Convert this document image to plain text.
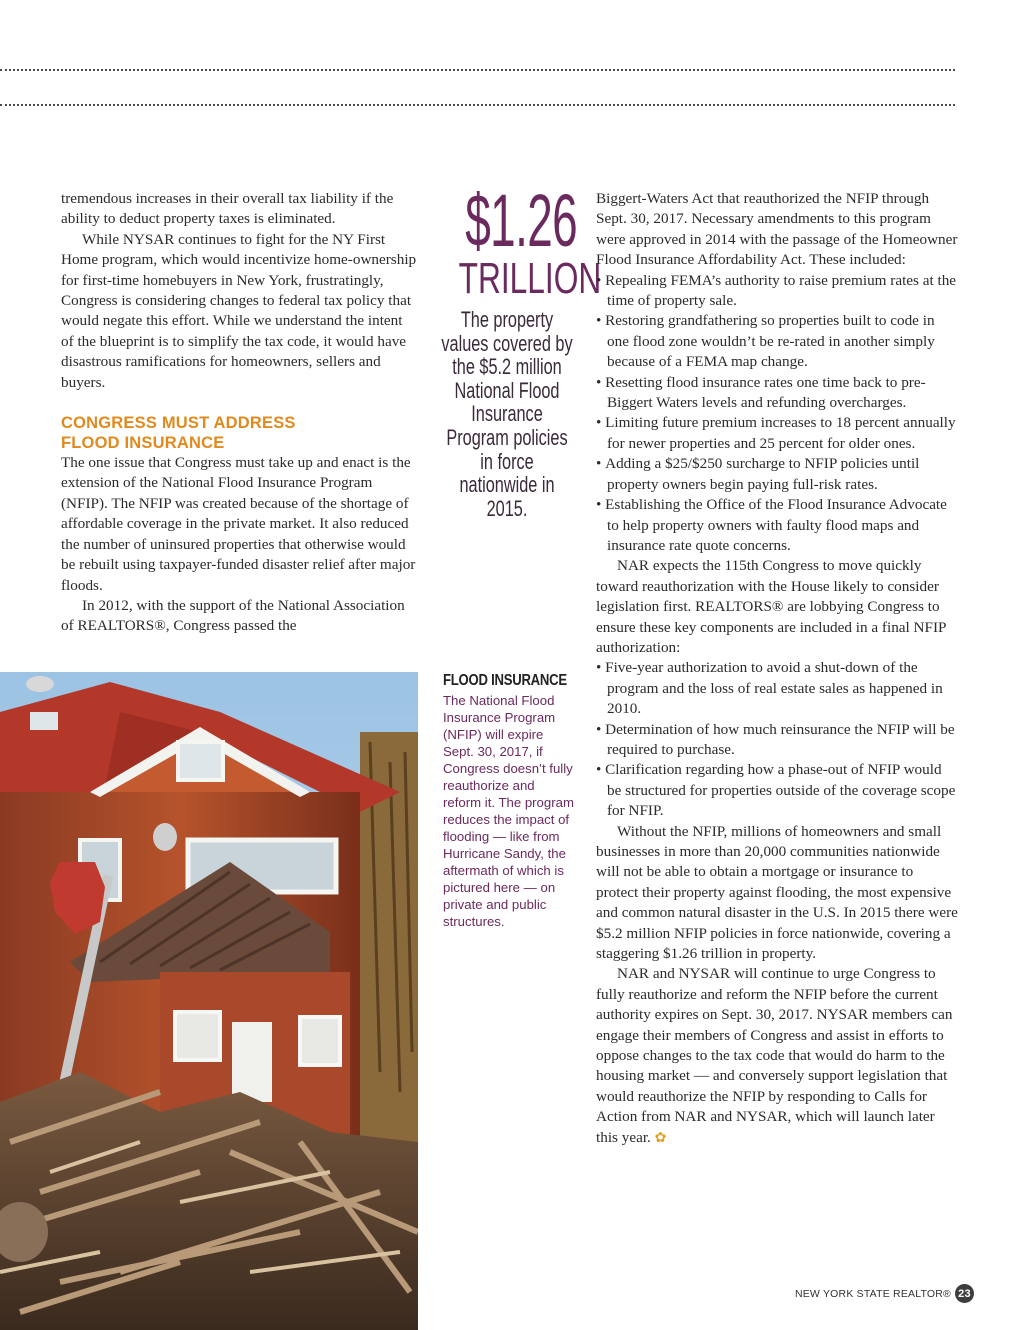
tremendous increases in their overall tax liability if the ability to deduct property taxes is eliminated.

While NYSAR continues to fight for the NY First Home program, which would incentivize home-ownership for first-time homebuyers in New York, frustratingly, Congress is considering changes to federal tax policy that would negate this effort. While we understand the intent of the blueprint is to simplify the tax code, it would have disastrous ramifications for homeowners, sellers and buyers.

CONGRESS MUST ADDRESS
FLOOD INSURANCE

The one issue that Congress must take up and enact is the extension of the National Flood Insurance Program (NFIP). The NFIP was created because of the shortage of affordable coverage in the private market. It also reduced the number of uninsured properties that otherwise would be rebuilt using taxpayer-funded disaster relief after major floods.

In 2012, with the support of the National Association of REALTORS®, Congress passed the

$1.26
TRILLION
The property values covered by the $5.2 million National Flood Insurance Program policies in force nationwide in 2015.

Biggert-Waters Act that reauthorized the NFIP through Sept. 30, 2017. Necessary amendments to this program were approved in 2014 with the passage of the Homeowner Flood Insurance Affordability Act. These included:

• Repealing FEMA’s authority to raise premium rates at the time of property sale.
• Restoring grandfathering so properties built to code in one flood zone wouldn’t be re-rated in another simply because of a FEMA map change.
• Resetting flood insurance rates one time back to pre-Biggert Waters levels and refunding overcharges.
• Limiting future premium increases to 18 percent annually for newer properties and 25 percent for older ones.
• Adding a $25/$250 surcharge to NFIP policies until property owners begin paying full-risk rates.
• Establishing the Office of the Flood Insurance Advocate to help property owners with faulty flood maps and insurance rate quote concerns.

NAR expects the 115th Congress to move quickly toward reauthorization with the House likely to consider legislation first. REALTORS® are lobbying Congress to ensure these key components are included in a final NFIP authorization:

• Five-year authorization to avoid a shut-down of the program and the loss of real estate sales as happened in 2010.
• Determination of how much reinsurance the NFIP will be required to purchase.
• Clarification regarding how a phase-out of NFIP would be structured for properties outside of the coverage scope for NFIP.

Without the NFIP, millions of homeowners and small businesses in more than 20,000 communities nationwide will not be able to obtain a mortgage or insurance to protect their property against flooding, the most expensive and common natural disaster in the U.S. In 2015 there were $5.2 million NFIP policies in force nationwide, covering a staggering $1.26 trillion in property.

NAR and NYSAR will continue to urge Congress to fully reauthorize and reform the NFIP before the current authority expires on Sept. 30, 2017. NYSAR members can engage their members of Congress and assist in efforts to oppose changes to the tax code that would do harm to the housing market — and conversely support legislation that would reauthorize the NFIP by responding to Calls for Action from NAR and NYSAR, which will launch later this year. ✿

FLOOD INSURANCE
The National Flood Insurance Program (NFIP) will expire Sept. 30, 2017, if Congress doesn’t fully reauthorize and reform it. The program reduces the impact of flooding — like from Hurricane Sandy, the aftermath of which is pictured here — on private and public structures.
NEW YORK STATE REALTOR® 23
